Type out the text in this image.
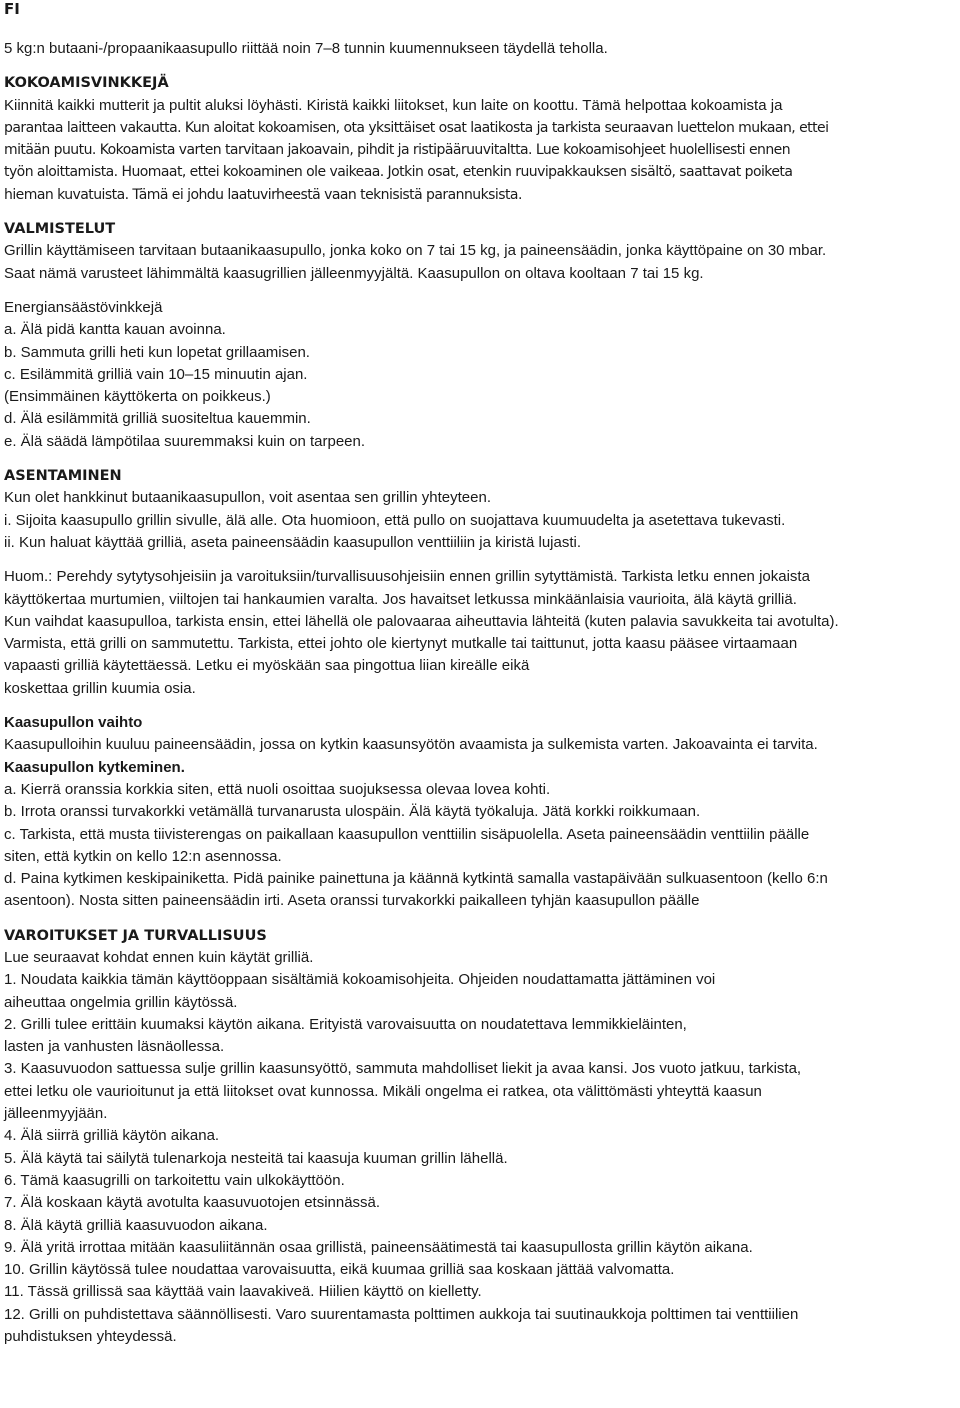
FI

5 kg:n butaani-/propaanikaasupullo riittää noin 7–8 tunnin kuumennukseen täydellä teholla.

KOKOAMISVINKKEJÄ

Kiinnitä kaikki mutterit ja pultit aluksi löyhästi. Kiristä kaikki liitokset, kun laite on koottu. Tämä helpottaa kokoamista ja

parantaa laitteen vakautta. Kun aloitat kokoamisen, ota yksittäiset osat laatikosta ja tarkista seuraavan luettelon mukaan, ettei

mitään puutu. Kokoamista varten tarvitaan jakoavain, pihdit ja ristipääruuvitaltta. Lue kokoamisohjeet huolellisesti ennen

työn aloittamista. Huomaat, ettei kokoaminen ole vaikeaa. Jotkin osat, etenkin ruuvipakkauksen sisältö, saattavat poiketa

hieman kuvatuista. Tämä ei johdu laatuvirheestä vaan teknisistä parannuksista.

VALMISTELUT

Grillin käyttämiseen tarvitaan butaanikaasupullo, jonka koko on 7 tai 15 kg, ja paineensäädin, jonka käyttöpaine on 30 mbar.

Saat nämä varusteet lähimmältä kaasugrillien jälleenmyyjältä. Kaasupullon on oltava kooltaan 7 tai 15 kg.

Energiansäästövinkkejä

a. Älä pidä kantta kauan avoinna.

b. Sammuta grilli heti kun lopetat grillaamisen.

c. Esilämmitä grilliä vain 10–15 minuutin ajan.

(Ensimmäinen käyttökerta on poikkeus.)

d. Älä esilämmitä grilliä suositeltua kauemmin.

e. Älä säädä lämpötilaa suuremmaksi kuin on tarpeen.

ASENTAMINEN

Kun olet hankkinut butaanikaasupullon, voit asentaa sen grillin yhteyteen.

i. Sijoita kaasupullo grillin sivulle, älä alle. Ota huomioon, että pullo on suojattava kuumuudelta ja asetettava tukevasti.

ii. Kun haluat käyttää grilliä, aseta paineensäädin kaasupullon venttiiliin ja kiristä lujasti.

Huom.: Perehdy sytytysohjeisiin ja varoituksiin/turvallisuusohjeisiin ennen grillin sytyttämistä. Tarkista letku ennen jokaista

käyttökertaa murtumien, viiltojen tai hankaumien varalta. Jos havaitset letkussa minkäänlaisia vaurioita, älä käytä grilliä.

Kun vaihdat kaasupulloa, tarkista ensin, ettei lähellä ole palovaaraa aiheuttavia lähteitä (kuten palavia savukkeita tai avotulta).

Varmista, että grilli on sammutettu. Tarkista, ettei johto ole kiertynyt mutkalle tai taittunut, jotta kaasu pääsee virtaamaan

vapaasti grilliä käytettäessä. Letku ei myöskään saa pingottua liian kireälle eikä

koskettaa grillin kuumia osia.

Kaasupullon vaihto

Kaasupulloihin kuuluu paineensäädin, jossa on kytkin kaasunsyötön avaamista ja sulkemista varten. Jakoavainta ei tarvita.

Kaasupullon kytkeminen.

a. Kierrä oranssia korkkia siten, että nuoli osoittaa suojuksessa olevaa lovea kohti.

b. Irrota oranssi turvakorkki vetämällä turvanarusta ulospäin. Älä käytä työkaluja. Jätä korkki roikkumaan.

c. Tarkista, että musta tiivisterengas on paikallaan kaasupullon venttiilin sisäpuolella. Aseta paineensäädin venttiilin päälle

siten, että kytkin on kello 12:n asennossa.

d. Paina kytkimen keskipainiketta. Pidä painike painettuna ja käännä kytkintä samalla vastapäivään sulkuasentoon (kello 6:n

asentoon). Nosta sitten paineensäädin irti. Aseta oranssi turvakorkki paikalleen tyhjän kaasupullon päälle

VAROITUKSET JA TURVALLISUUS

Lue seuraavat kohdat ennen kuin käytät grilliä.

1. Noudata kaikkia tämän käyttöoppaan sisältämiä kokoamisohjeita. Ohjeiden noudattamatta jättäminen voi

aiheuttaa ongelmia grillin käytössä.

2. Grilli tulee erittäin kuumaksi käytön aikana. Erityistä varovaisuutta on noudatettava lemmikkieläinten,

lasten ja vanhusten läsnäollessa.

3. Kaasuvuodon sattuessa sulje grillin kaasunsyöttö, sammuta mahdolliset liekit ja avaa kansi. Jos vuoto jatkuu, tarkista,

ettei letku ole vaurioitunut ja että liitokset ovat kunnossa. Mikäli ongelma ei ratkea, ota välittömästi yhteyttä kaasun

jälleenmyyjään.

4. Älä siirrä grilliä käytön aikana.

5. Älä käytä tai säilytä tulenarkoja nesteitä tai kaasuja kuuman grillin lähellä.

6. Tämä kaasugrilli on tarkoitettu vain ulkokäyttöön.

7. Älä koskaan käytä avotulta kaasuvuotojen etsinnässä.

8. Älä käytä grilliä kaasuvuodon aikana.

9. Älä yritä irrottaa mitään kaasuliitännän osaa grillistä, paineensäätimestä tai kaasupullosta grillin käytön aikana.

10. Grillin käytössä tulee noudattaa varovaisuutta, eikä kuumaa grilliä saa koskaan jättää valvomatta.

11. Tässä grillissä saa käyttää vain laavakiveä. Hiilien käyttö on kielletty.

12. Grilli on puhdistettava säännöllisesti. Varo suurentamasta polttimen aukkoja tai suutinaukkoja polttimen tai venttiilien

puhdistuksen yhteydessä.
